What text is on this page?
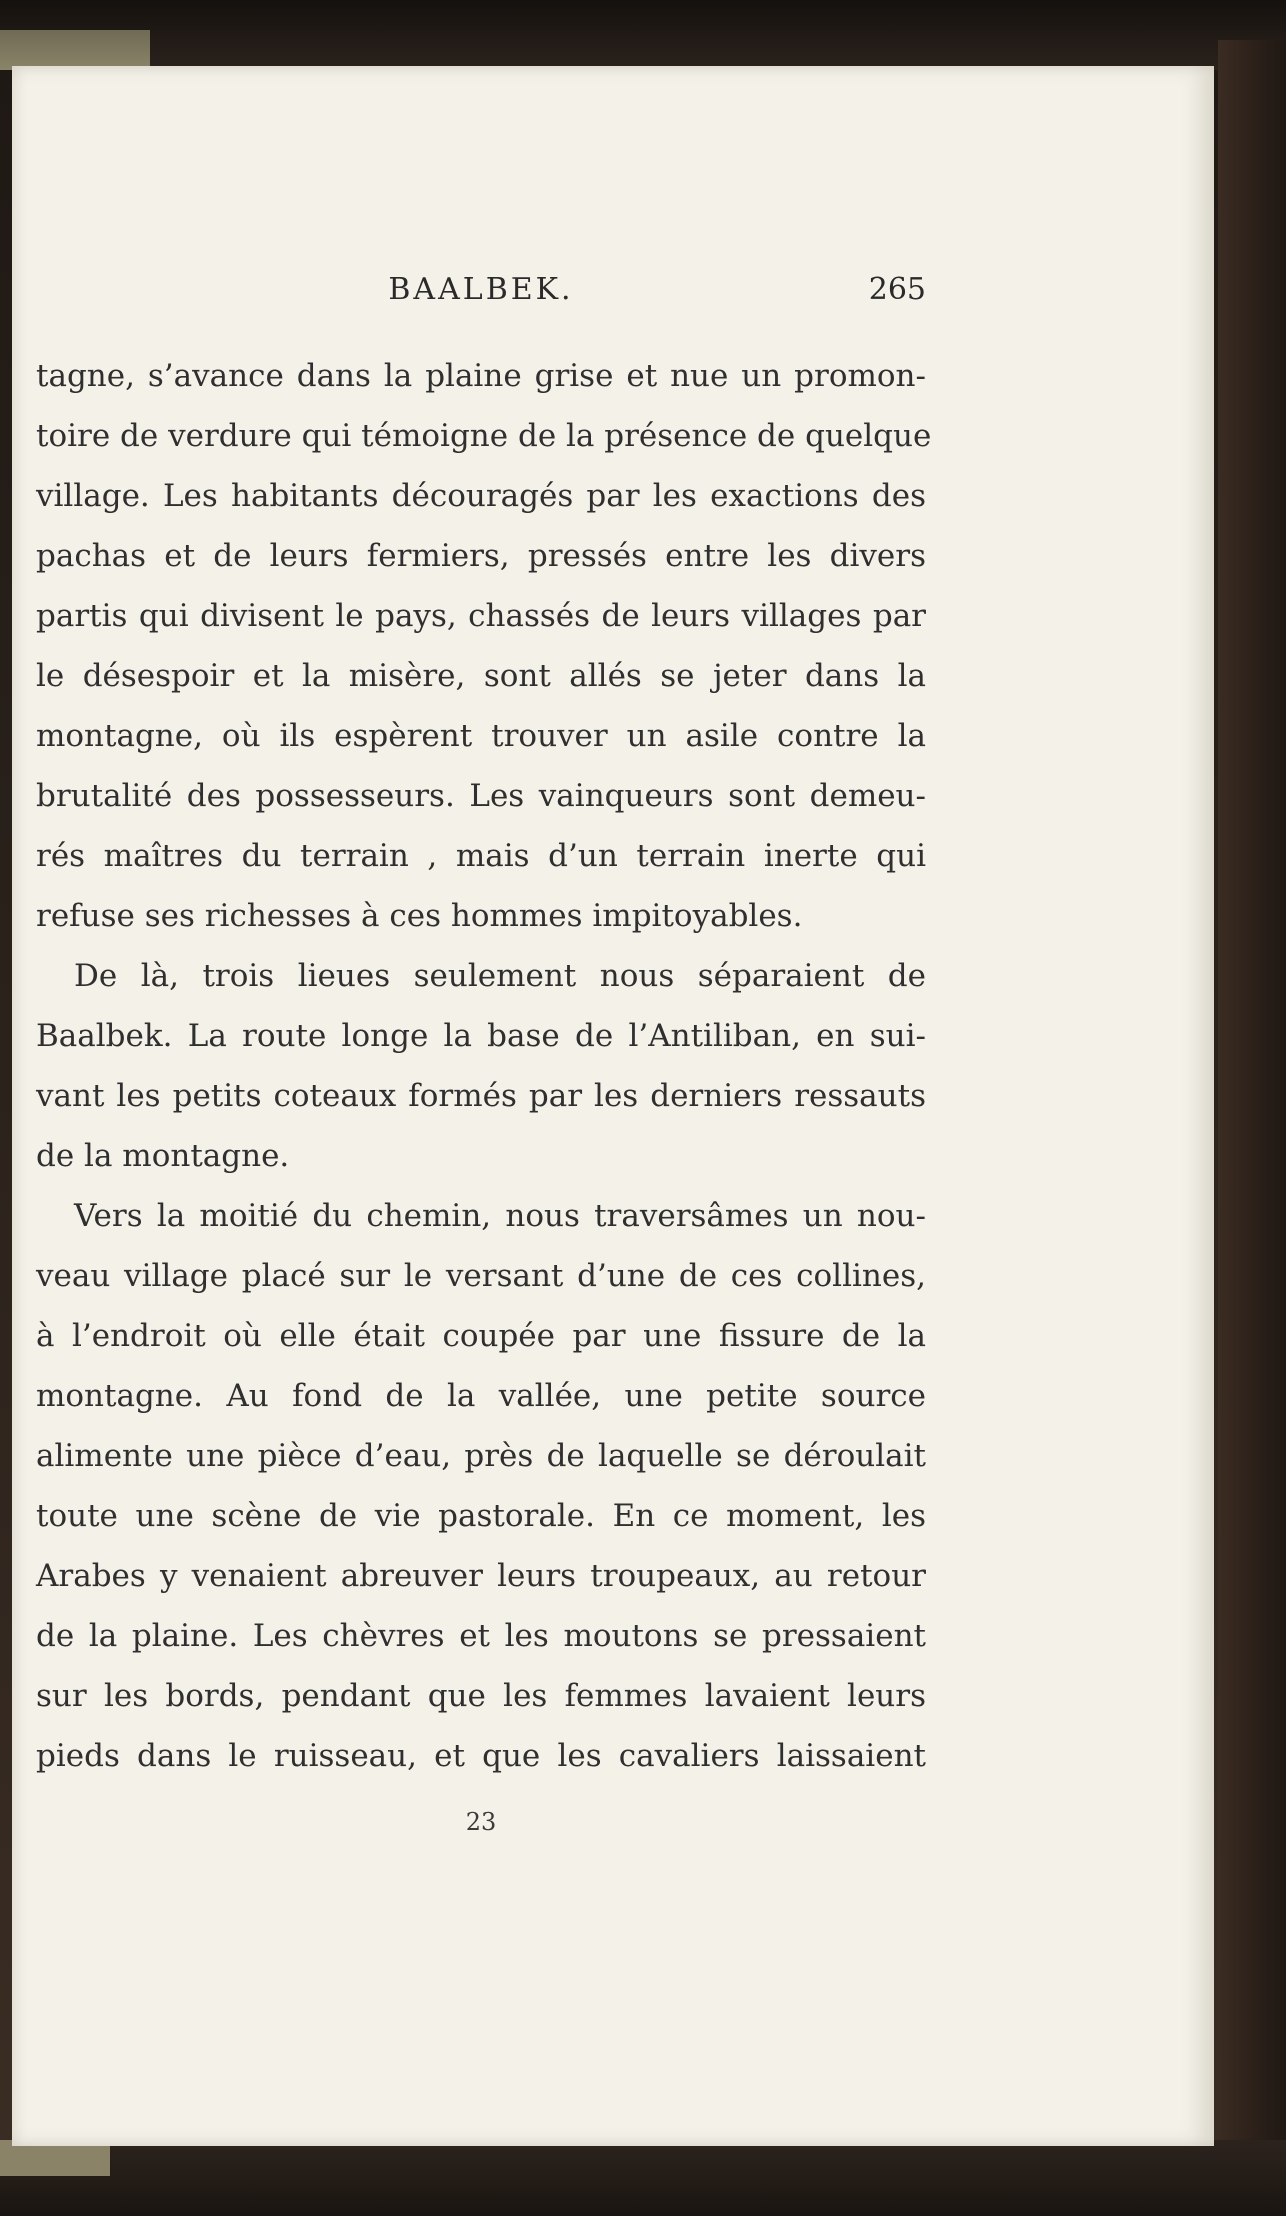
BAALBEK.	265
tagne, s’avance dans la plaine grise et nue un promon-
toire de verdure qui témoigne de la présence de quelque
village. Les habitants découragés par les exactions des
pachas et de leurs fermiers, pressés entre les divers
partis qui divisent le pays, chassés de leurs villages par
le désespoir et la misère, sont allés se jeter dans la
montagne, où ils espèrent trouver un asile contre la
brutalité des possesseurs. Les vainqueurs sont demeu-
rés maîtres du terrain , mais d’un terrain inerte qui
refuse ses richesses à ces hommes impitoyables.
De là, trois lieues seulement nous séparaient de
Baalbek. La route longe la base de l’Antiliban, en sui-
vant les petits coteaux formés par les derniers ressauts
de la montagne.
Vers la moitié du chemin, nous traversâmes un nou-
veau village placé sur le versant d’une de ces collines,
à l’endroit où elle était coupée par une fissure de la
montagne. Au fond de la vallée, une petite source
alimente une pièce d’eau, près de laquelle se déroulait
toute une scène de vie pastorale. En ce moment, les
Arabes y venaient abreuver leurs troupeaux, au retour
de la plaine. Les chèvres et les moutons se pressaient
sur les bords, pendant que les femmes lavaient leurs
pieds dans le ruisseau, et que les cavaliers laissaient
23
